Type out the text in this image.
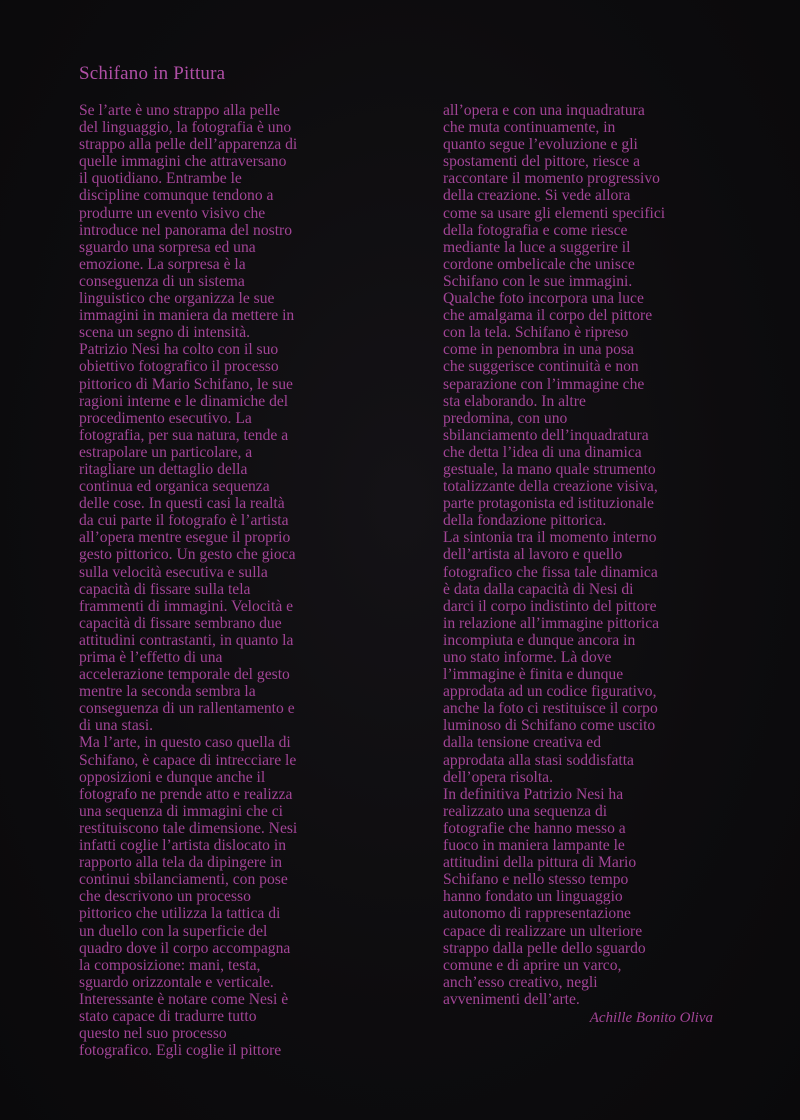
Schifano in Pittura
Se l’arte è uno strappo alla pelle
del linguaggio, la fotografia è uno
strappo alla pelle dell’apparenza di
quelle immagini che attraversano
il quotidiano. Entrambe le
discipline comunque tendono a
produrre un evento visivo che
introduce nel panorama del nostro
sguardo una sorpresa ed una
emozione. La sorpresa è la
conseguenza di un sistema
linguistico che organizza le sue
immagini in maniera da mettere in
scena un segno di intensità.
Patrizio Nesi ha colto con il suo
obiettivo fotografico il processo
pittorico di Mario Schifano, le sue
ragioni interne e le dinamiche del
procedimento esecutivo. La
fotografia, per sua natura, tende a
estrapolare un particolare, a
ritagliare un dettaglio della
continua ed organica sequenza
delle cose. In questi casi la realtà
da cui parte il fotografo è l’artista
all’opera mentre esegue il proprio
gesto pittorico. Un gesto che gioca
sulla velocità esecutiva e sulla
capacità di fissare sulla tela
frammenti di immagini. Velocità e
capacità di fissare sembrano due
attitudini contrastanti, in quanto la
prima è l’effetto di una
accelerazione temporale del gesto
mentre la seconda sembra la
conseguenza di un rallentamento e
di una stasi.
Ma l’arte, in questo caso quella di
Schifano, è capace di intrecciare le
opposizioni e dunque anche il
fotografo ne prende atto e realizza
una sequenza di immagini che ci
restituiscono tale dimensione. Nesi
infatti coglie l’artista dislocato in
rapporto alla tela da dipingere in
continui sbilanciamenti, con pose
che descrivono un processo
pittorico che utilizza la tattica di
un duello con la superficie del
quadro dove il corpo accompagna
la composizione: mani, testa,
sguardo orizzontale e verticale.
Interessante è notare come Nesi è
stato capace di tradurre tutto
questo nel suo processo
fotografico. Egli coglie il pittore
all’opera e con una inquadratura
che muta continuamente, in
quanto segue l’evoluzione e gli
spostamenti del pittore, riesce a
raccontare il momento progressivo
della creazione. Si vede allora
come sa usare gli elementi specifici
della fotografia e come riesce
mediante la luce a suggerire il
cordone ombelicale che unisce
Schifano con le sue immagini.
Qualche foto incorpora una luce
che amalgama il corpo del pittore
con la tela. Schifano è ripreso
come in penombra in una posa
che suggerisce continuità e non
separazione con l’immagine che
sta elaborando. In altre
predomina, con uno
sbilanciamento dell’inquadratura
che detta l’idea di una dinamica
gestuale, la mano quale strumento
totalizzante della creazione visiva,
parte protagonista ed istituzionale
della fondazione pittorica.
La sintonia tra il momento interno
dell’artista al lavoro e quello
fotografico che fissa tale dinamica
è data dalla capacità di Nesi di
darci il corpo indistinto del pittore
in relazione all’immagine pittorica
incompiuta e dunque ancora in
uno stato informe. Là dove
l’immagine è finita e dunque
approdata ad un codice figurativo,
anche la foto ci restituisce il corpo
luminoso di Schifano come uscito
dalla tensione creativa ed
approdata alla stasi soddisfatta
dell’opera risolta.
In definitiva Patrizio Nesi ha
realizzato una sequenza di
fotografie che hanno messo a
fuoco in maniera lampante le
attitudini della pittura di Mario
Schifano e nello stesso tempo
hanno fondato un linguaggio
autonomo di rappresentazione
capace di realizzare un ulteriore
strappo dalla pelle dello sguardo
comune e di aprire un varco,
anch’esso creativo, negli
avvenimenti dell’arte.
Achille Bonito Oliva
